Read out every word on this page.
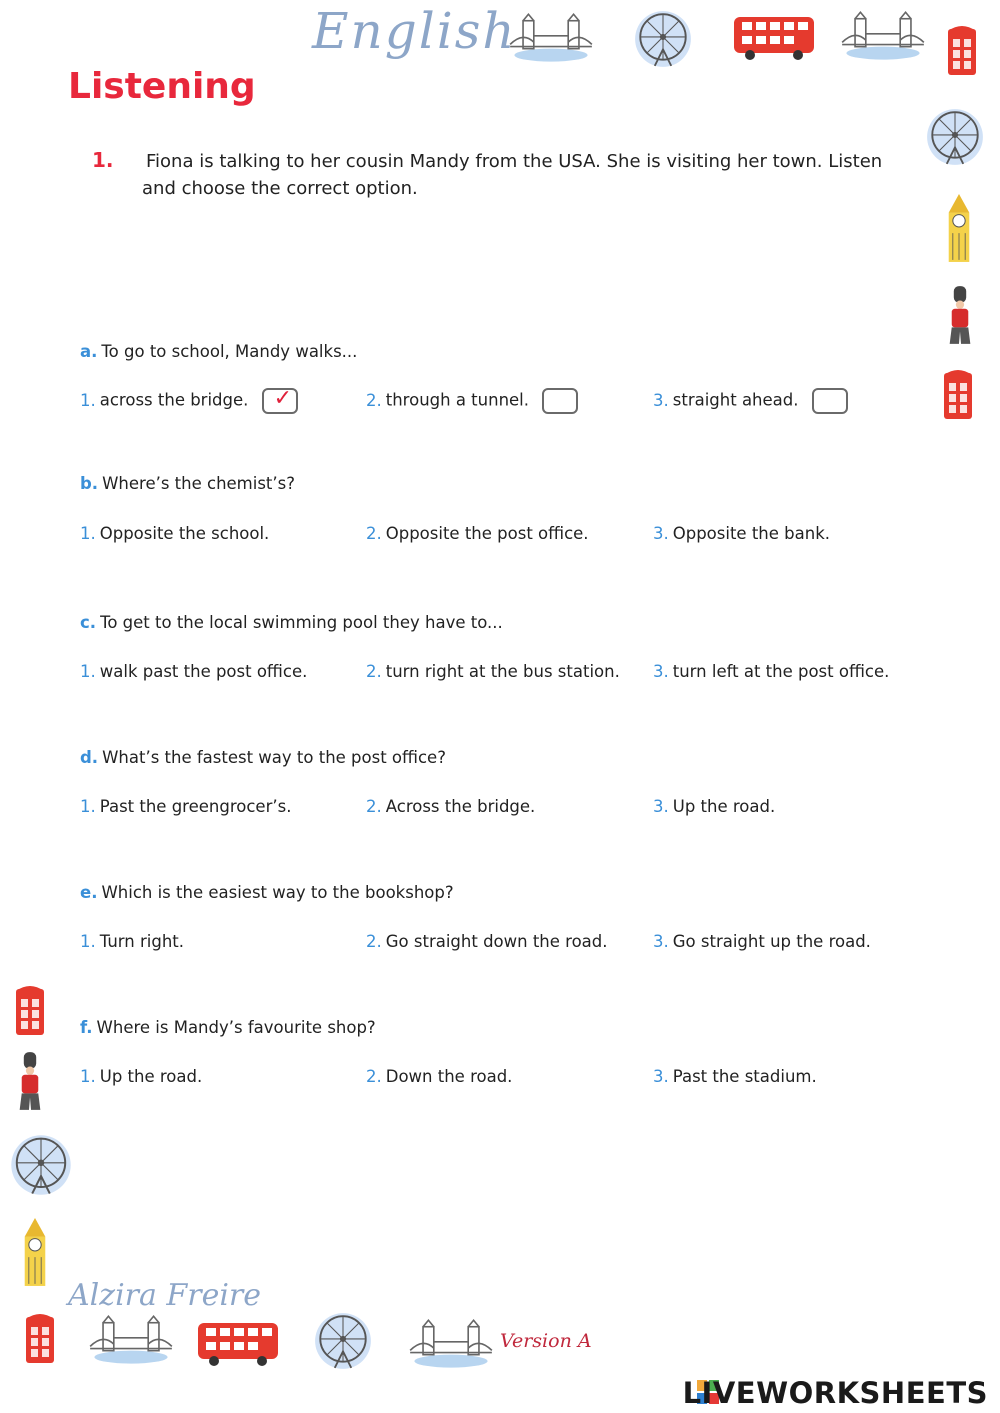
English
Listening
1. Fiona is talking to her cousin Mandy from the USA. She is visiting her town. Listen and choose the correct option.
a. To go to school, Mandy walks...
1. across the bridge. ✓	2. through a tunnel.	3. straight ahead.
b. Where’s the chemist’s?
1. Opposite the school.	2. Opposite the post office.	3. Opposite the bank.
c. To get to the local swimming pool they have to...
1. walk past the post office.	2. turn right at the bus station. 3. turn left at the post office.
d. What’s the fastest way to the post office?
1. Past the greengrocer’s.	2. Across the bridge.	3. Up the road.
e. Which is the easiest way to the bookshop?
1. Turn right.	2. Go straight down the road.	3. Go straight up the road.
f. Where is Mandy’s favourite shop?
1. Up the road.	2. Down the road.	3. Past the stadium.
Alzira Freire
Version A
LIVEWORKSHEETS
